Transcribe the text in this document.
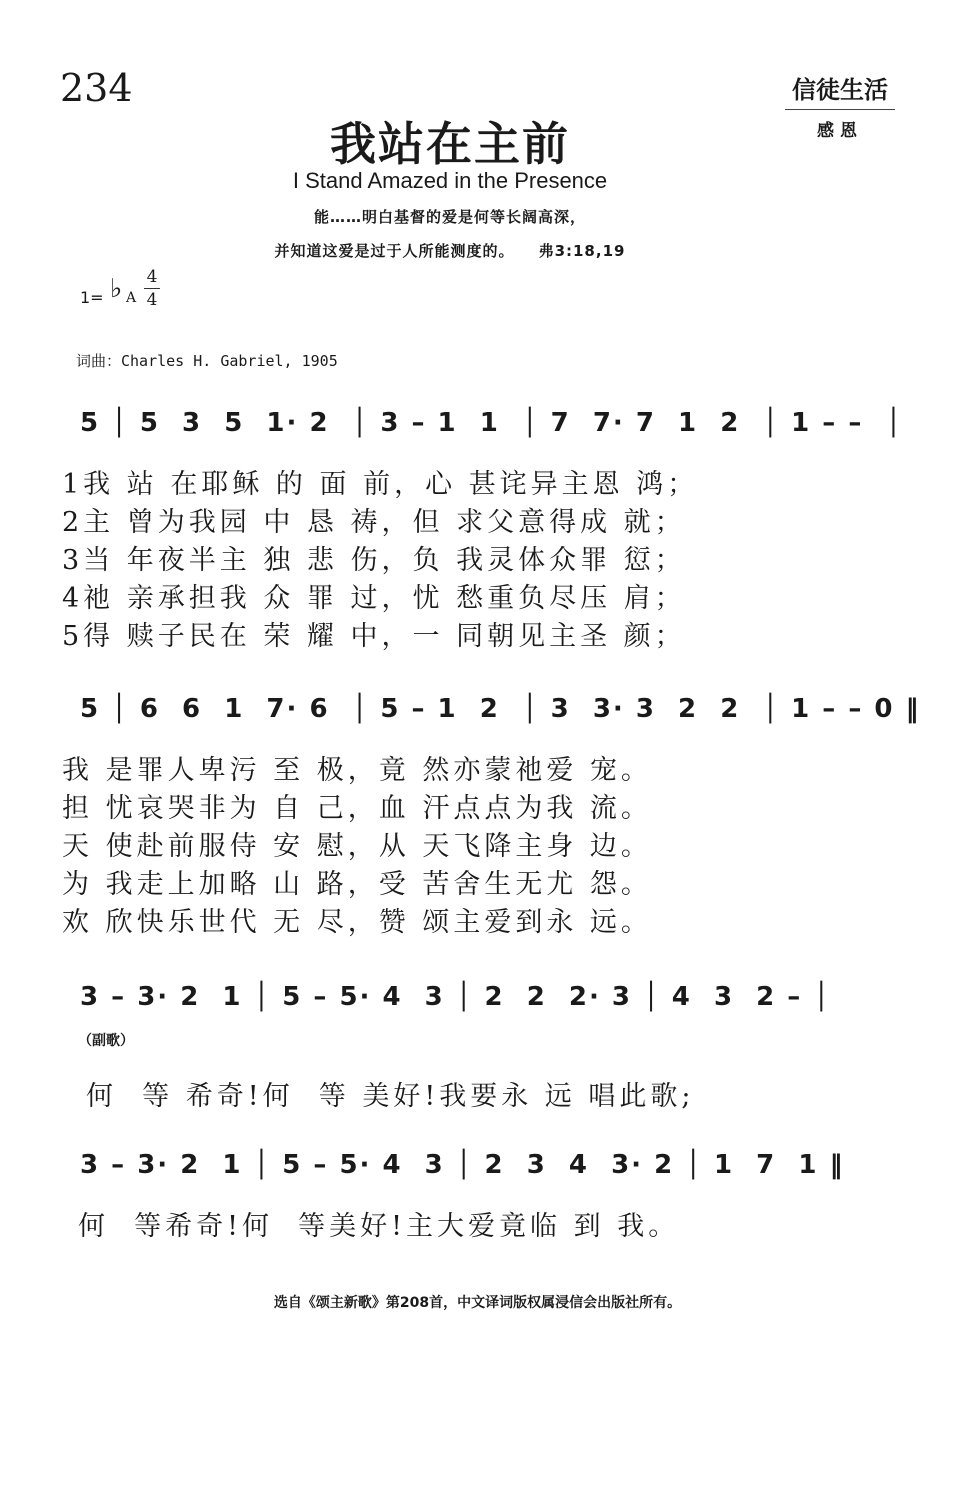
234	信徒生活
感恩
我站在主前
I Stand Amazed in the Presence
能……明白基督的爱是何等长阔高深，
并知道这爱是过于人所能测度的。 弗3:18,19
1= ♭ A
4
4
词曲：Charles H. Gabriel, 1905
5 │ 5  3  5  1· 2  │ 3 – 1  1  │ 7  7· 7  1  2  │ 1 – –  │
1我 站 在耶稣 的 面 前，心 甚诧异主恩 鸿；
2主 曾为我园 中 恳 祷，但 求父意得成 就；
3当 年夜半主 独 悲 伤，负 我灵体众罪 愆；
4祂 亲承担我 众 罪 过，忧 愁重负尽压 肩；
5得 赎子民在 荣 耀 中，一 同朝见主圣 颜；
5 │ 6  6  1  7· 6  │ 5 – 1  2  │ 3  3· 3  2  2  │ 1 – – 0 ‖
我 是罪人卑污 至 极，竟 然亦蒙祂爱 宠。
担 忧哀哭非为 自 己，血 汗点点为我 流。
天 使赴前服侍 安 慰，从 天飞降主身 边。
为 我走上加略 山 路，受 苦舍生无尤 怨。
欢 欣快乐世代 无 尽，赞 颂主爱到永 远。
3 – 3· 2  1 │ 5 – 5· 4  3 │ 2  2  2· 3 │ 4  3  2 – │
（副歌）
何  等 希奇!何  等 美好!我要永 远 唱此歌;
3 – 3· 2  1 │ 5 – 5· 4  3 │ 2  3  4  3· 2 │ 1  7  1 ‖
何  等希奇!何  等美好!主大爱竟临 到 我。
选自《颂主新歌》第208首，中文译词版权属浸信会出版社所有。
